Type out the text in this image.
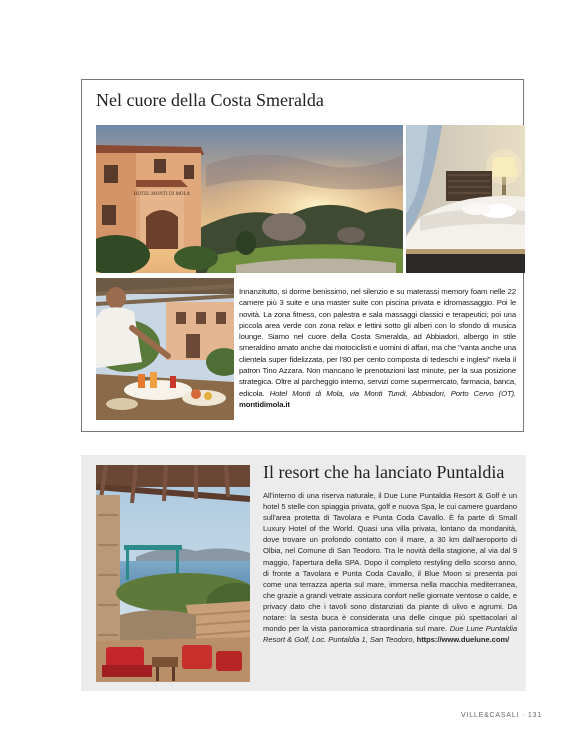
Nel cuore della Costa Smeralda
HOTEL MONTI DI MOLA
Innanzitutto, si dorme benissimo, nel silenzio e su materassi memory foam nelle 22 camere più 3 suite e una master suite con piscina privata e idromassaggio. Poi le novità. La zona fitness, con palestra e sala massaggi classici e terapeutici; poi una piccola area verde con zona relax e lettini sotto gli alberi con lo sfondo di musica lounge. Siamo nel cuore della Costa Smeralda, ad Abbiadori, albergo in stile smeraldino amato anche dai motociclisti e uomini di affari, ma che "vanta anche una clientela super fidelizzata, per l'80 per cento composta di tedeschi e inglesi" rivela il patron Tino Azzara. Non mancano le prenotazioni last minute, per la sua posizione strategica. Oltre al parcheggio interno, servizi come supermercato, farmacia, banca, edicola. Hotel Monti di Mola, via Monti Tundi, Abbiadori, Porto Cervo (OT). montidimola.it
Il resort che ha lanciato Puntaldia
All'interno di una riserva naturale, il Due Lune Puntaldia Resort & Golf è un hotel 5 stelle con spiaggia privata, golf e nuova Spa, le cui camere guardano sull'area protetta di Tavolara e Punta Coda Cavallo. È fa parte di Small Luxury Hotel of the World. Quasi una villa privata, lontano da mondanità, dove trovare un profondo contatto con il mare, a 30 km dall'aeroporto di Olbia, nel Comune di San Teodoro. Tra le novità della stagione, al via dal 9 maggio, l'apertura della SPA. Dopo il completo restyling dello scorso anno, di fronte a Tavolara e Punta Coda Cavallo, il Blue Moon si presenta poi come una terrazza aperta sul mare, immersa nella macchia mediterranea, che grazie a grandi vetrate assicura confort nelle giornate ventose o calde, e privacy dato che i tavoli sono distanziati da piante di ulivo e agrumi. Da notare: la sesta buca è considerata una delle cinque più spettacolari al mondo per la vista panoramica straordinaria sul mare. Due Lune Puntaldia Resort & Golf, Loc. Puntaldia 1, San Teodoro, https://www.duelune.com/
VILLE&CASALI · 131
